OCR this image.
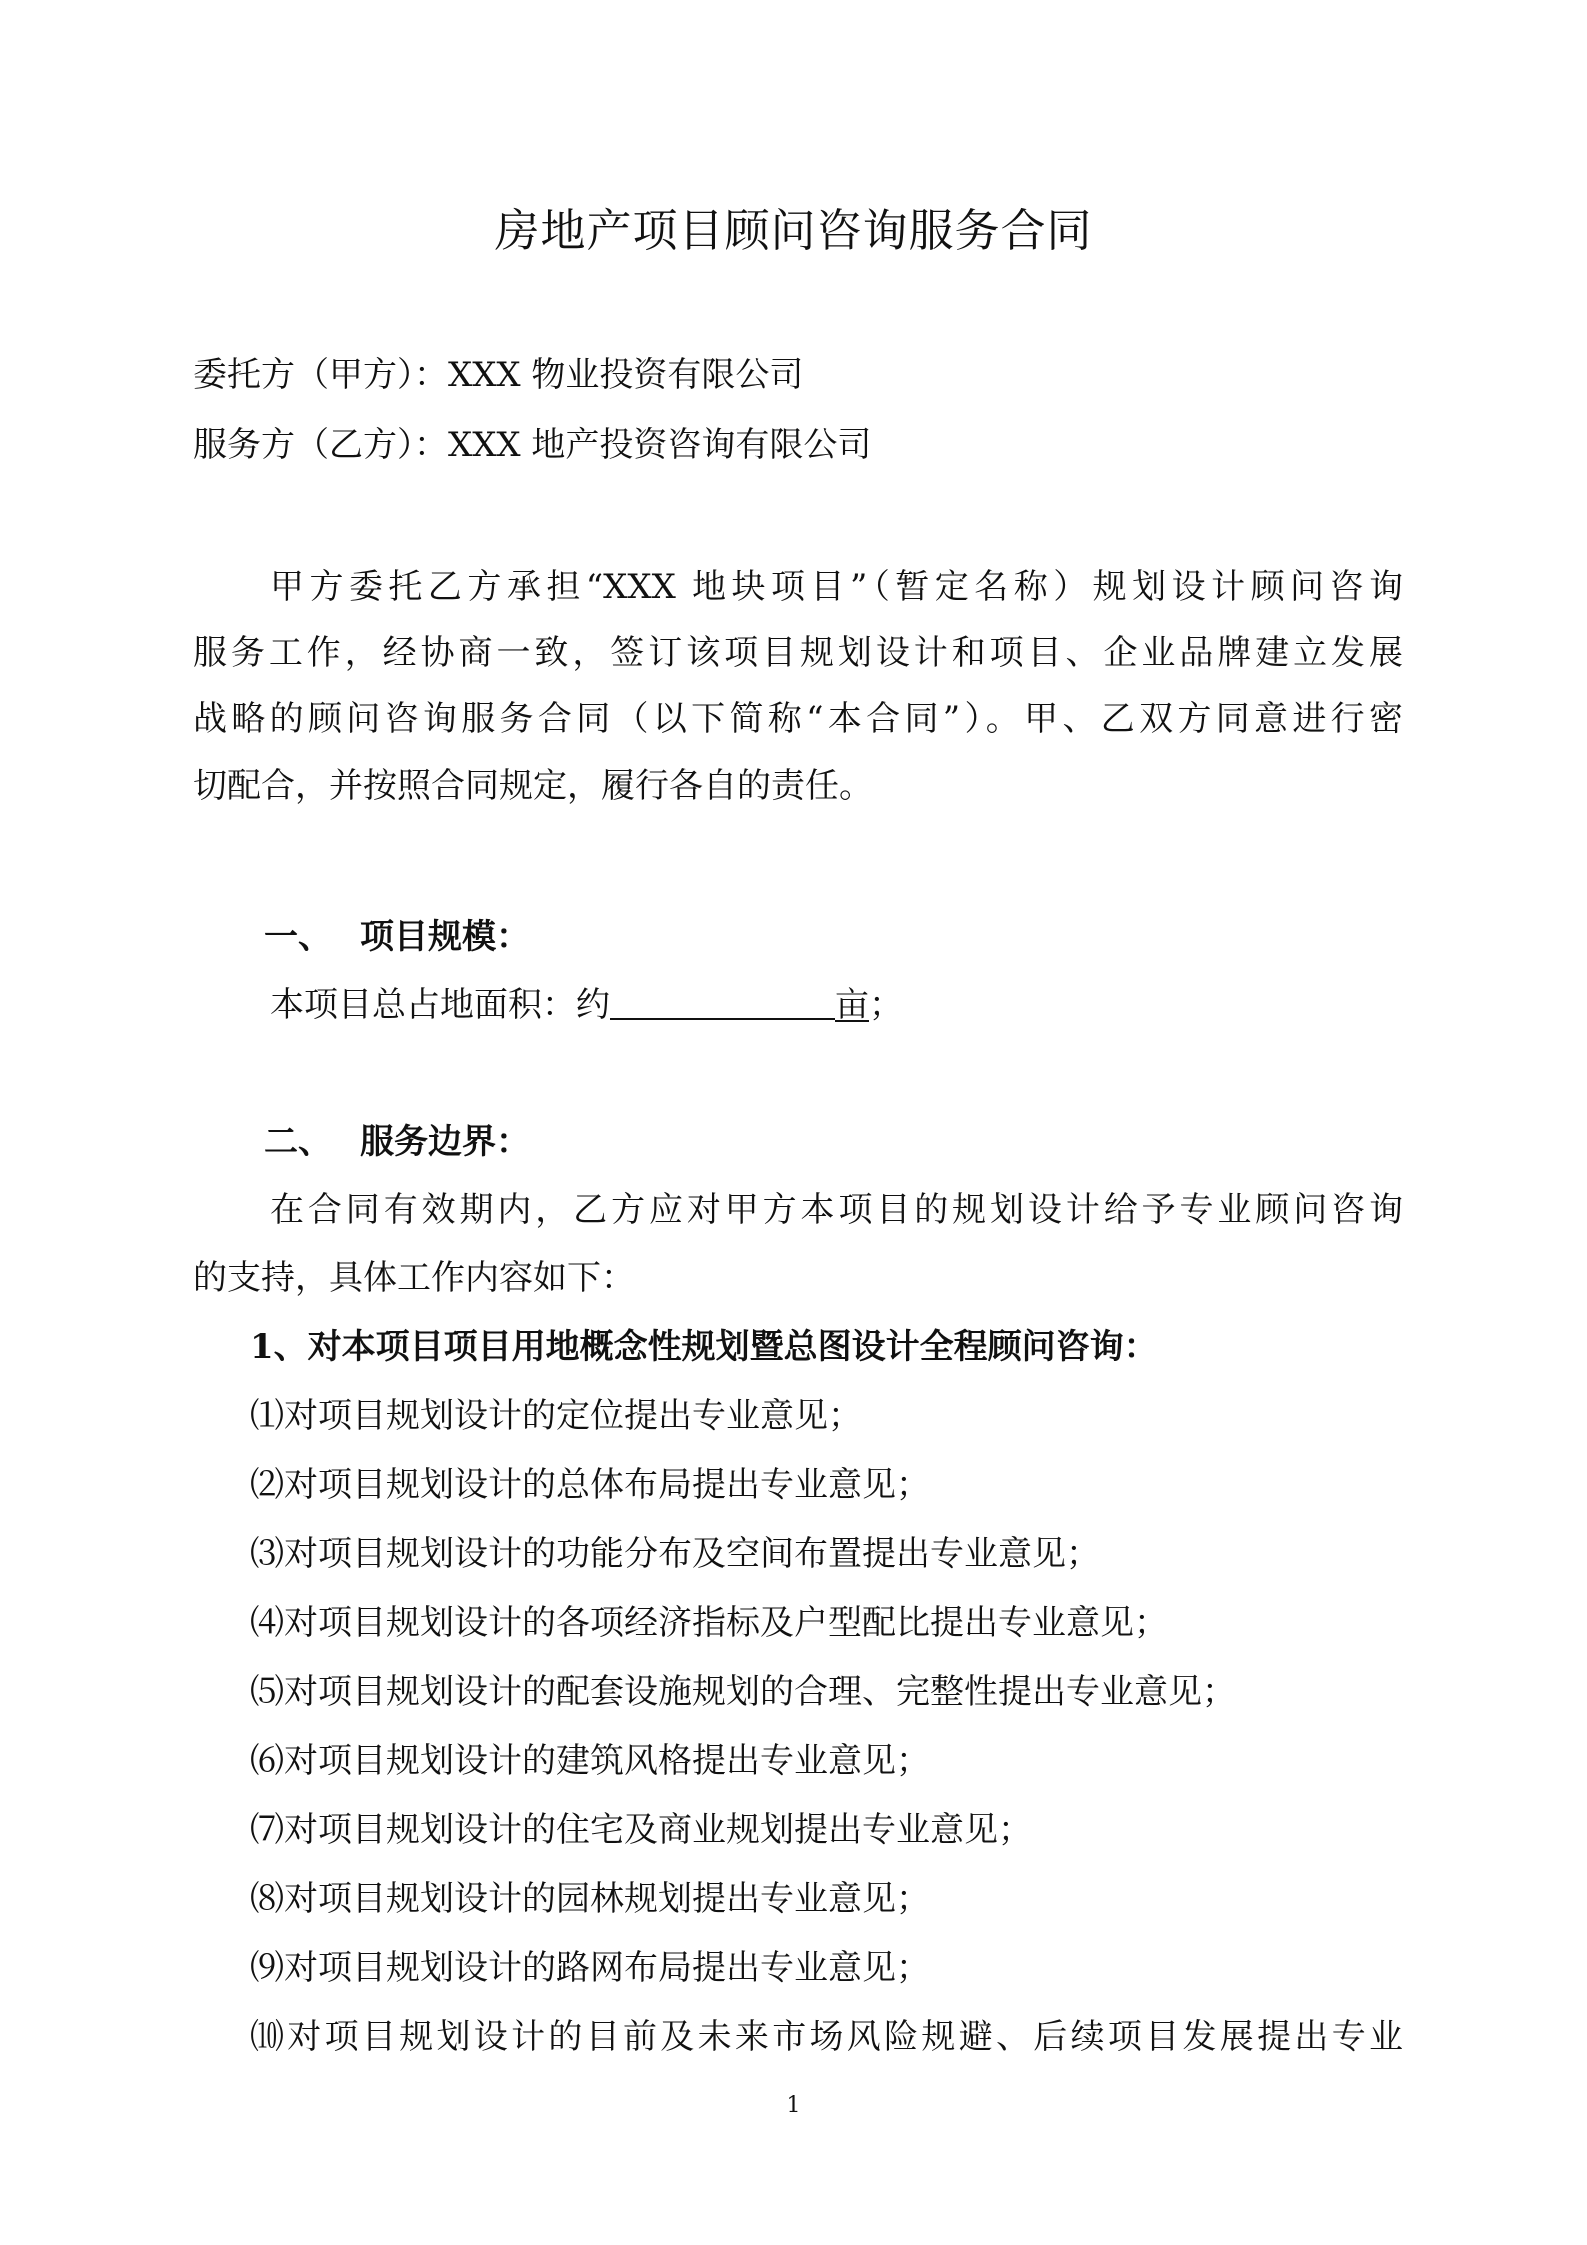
房地产项目顾问咨询服务合同
委托方（甲方）：XXX 物业投资有限公司
服务方（乙方）：XXX 地产投资咨询有限公司
甲方委托乙方承担“XXX 地块项目”（暂定名称）规划设计顾问咨询
服务工作，经协商一致，签订该项目规划设计和项目、企业品牌建立发展
战略的顾问咨询服务合同（以下简称“本合同”）。甲、乙双方同意进行密
切配合，并按照合同规定，履行各自的责任。
一、 项目规模：
本项目总占地面积：约	亩；
二、 服务边界：
在合同有效期内，乙方应对甲方本项目的规划设计给予专业顾问咨询
的支持，具体工作内容如下：
1、对本项目项目用地概念性规划暨总图设计全程顾问咨询：
⑴对项目规划设计的定位提出专业意见；
⑵对项目规划设计的总体布局提出专业意见；
⑶对项目规划设计的功能分布及空间布置提出专业意见；
⑷对项目规划设计的各项经济指标及户型配比提出专业意见；
⑸对项目规划设计的配套设施规划的合理、完整性提出专业意见；
⑹对项目规划设计的建筑风格提出专业意见；
⑺对项目规划设计的住宅及商业规划提出专业意见；
⑻对项目规划设计的园林规划提出专业意见；
⑼对项目规划设计的路网布局提出专业意见；
⑽对项目规划设计的目前及未来市场风险规避、后续项目发展提出专业
1
